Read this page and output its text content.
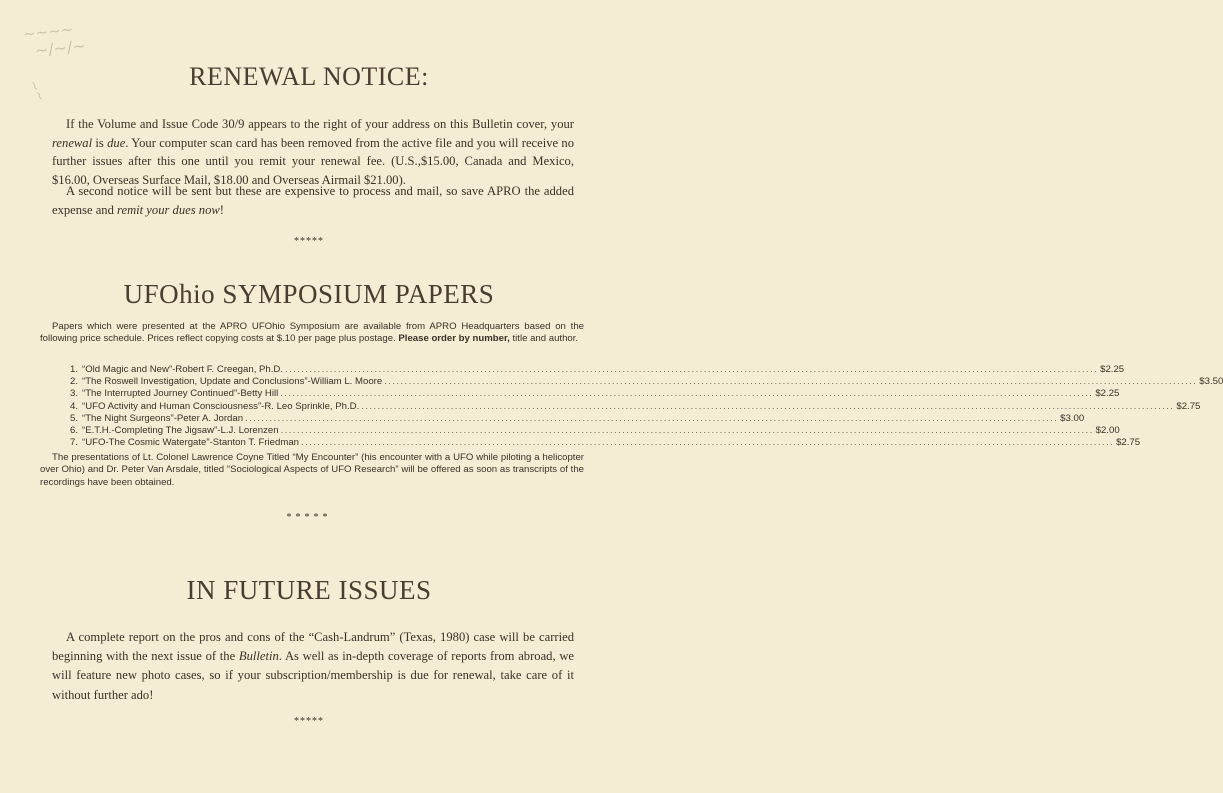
~~~~
~/~/~
~~
RENEWAL NOTICE:

If the Volume and Issue Code 30/9 appears to the right of your address on this Bulletin cover, your renewal is due. Your computer scan card has been removed from the active file and you will receive no further issues after this one until you remit your renewal fee. (U.S.,$15.00, Canada and Mexico, $16.00, Overseas Surface Mail, $18.00 and Overseas Airmail $21.00).

A second notice will be sent but these are expensive to process and mail, so save APRO the added expense and remit your dues now!

*****
UFOhio SYMPOSIUM PAPERS

Papers which were presented at the APRO UFOhio Symposium are available from APRO Headquarters based on the following price schedule. Prices reflect copying costs at $.10 per page plus postage. Please order by number, title and author.

1. “Old Magic and New”-Robert F. Creegan, Ph.D. ........................................................................................................................................................................................................ $2.25
2. “The Roswell Investigation, Update and Conclusions”-William L. Moore ........................................................................................................................................................................................................ $3.50
3. “The Interrupted Journey Continued”-Betty Hill ........................................................................................................................................................................................................ $2.25
4. “UFO Activity and Human Consciousness”-R. Leo Sprinkle, Ph.D. ........................................................................................................................................................................................................ $2.75
5. “The Night Surgeons”-Peter A. Jordan ........................................................................................................................................................................................................ $3.00
6. “E.T.H.-Completing The Jigsaw”-L.J. Lorenzen ........................................................................................................................................................................................................ $2.00
7. “UFO-The Cosmic Watergate”-Stanton T. Friedman ........................................................................................................................................................................................................ $2.75

The presentations of Lt. Colonel Lawrence Coyne Titled “My Encounter” (his encounter with a UFO while piloting a helicopter over Ohio) and Dr. Peter Van Arsdale, titled “Sociological Aspects of UFO Research” will be offered as soon as transcripts of the recordings have been obtained.

*****
IN FUTURE ISSUES

A complete report on the pros and cons of the “Cash-Landrum” (Texas, 1980) case will be carried beginning with the next issue of the Bulletin. As well as in-depth coverage of reports from abroad, we will feature new photo cases, so if your subscription/membership is due for renewal, take care of it without further ado!

*****
